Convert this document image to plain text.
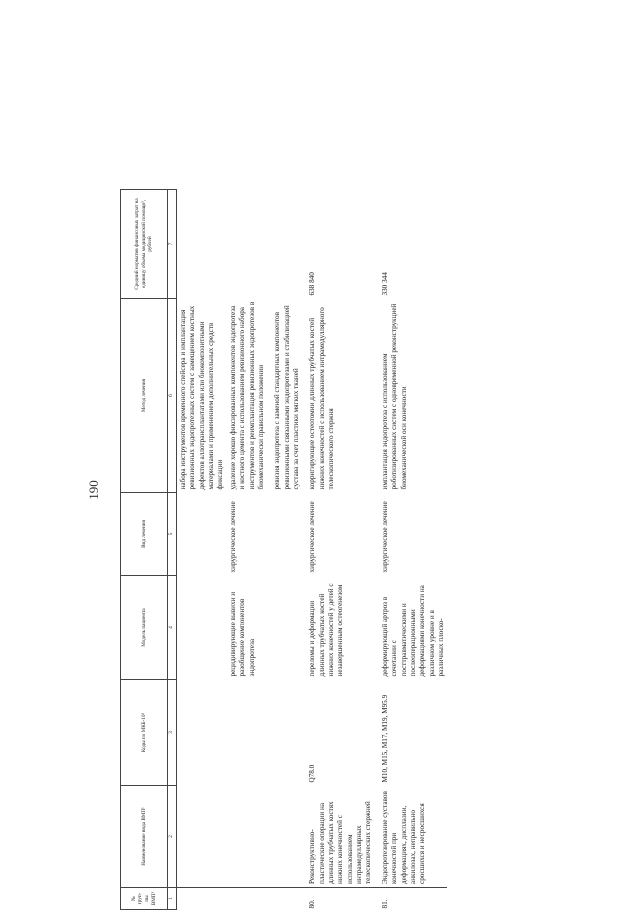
190
№ груп-пы ВМП¹	Наименование вида ВМП¹	Коды по МКБ-10²	Модель пациента	Вид лечения	Метод лечения	Средний норматив финансовых затрат на единицу объема медицинской помощи³, рублей
1	2	3	4	5	6	7
					набора инструментов временного спейсера и имплантация ревизионных эндопротезных систем с замещением костных дефектов аллотрансплантатами или биокомпозитными материалами и применением дополнительных средств фиксации	
			рецидивирующие вывихи и разобщение компонентов эндопротеза	хирургическое лечение	удаление хорошо фиксированных компонентов эндопротеза и костного цемента с использованием ревизионного набора инструментов и реимплантация ревизионных эндопротезов в биомеханически правильном положении ревизия эндопротеза с заменой стандартных компонентов ревизионными связанными эндопротезами и стабилизацией сустава за счет пластики мягких тканей	
80.	Реконструктивно-пластические операции на длинных трубчатых костях нижних конечностей с использованием интрамедуллярных телескопических стержней	Q78.0	переломы и деформации длинных трубчатых костей нижних конечностей у детей с незавершенным остеогенезом	хирургическое лечение	корригирующие остеотомии длинных трубчатых костей нижних конечностей с использованием интрамедуллярного телескопического стержня	638 840
81.	Эндопротезирование суставов конечностей при деформациях, дисплазии, анкилозах, неправильно сросшихся и несросшихся	M10, M15, M17, M19, M95.9	деформирующий артроз в сочетании с посттравматическими и послеоперационными деформациями конечности на различном уровне и в различных плоско-	хирургическое лечение	имплантация эндопротеза с использованием роботизированных систем с одновременной реконструкцией биомеханической оси конечности	330 344
